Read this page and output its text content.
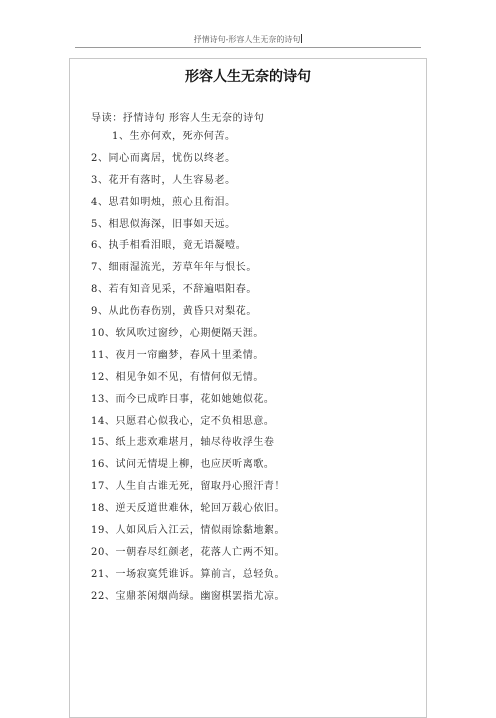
抒情诗句-形容人生无奈的诗句
形容人生无奈的诗句
导读：抒情诗句 形容人生无奈的诗句
1、生亦何欢，死亦何苦。
2、同心而离居，忧伤以终老。
3、花开有落时，人生容易老。
4、思君如明烛，煎心且衔泪。
5、相思似海深，旧事如天远。
6、执手相看泪眼，竟无语凝噎。
7、细雨湿流光，芳草年年与恨长。
8、若有知音见采，不辞遍唱阳春。
9、从此伤春伤别，黄昏只对梨花。
10、软风吹过窗纱，心期便隔天涯。
11、夜月一帘幽梦，春风十里柔情。
12、相见争如不见，有情何似无情。
13、而今已成昨日事，花如她她似花。
14、只愿君心似我心，定不负相思意。
15、纸上悲欢难堪月，轴尽待收浮生卷
16、试问无情堤上柳，也应厌听离歌。
17、人生自古谁无死，留取丹心照汗青！
18、逆天反道世难休，轮回万载心依旧。
19、人如风后入江云，情似雨馀黏地絮。
20、一朝春尽红颜老，花落人亡两不知。
21、一场寂寞凭谁诉。算前言，总轻负。
22、宝鼎茶闲烟尚绿。幽窗棋罢指尤凉。
